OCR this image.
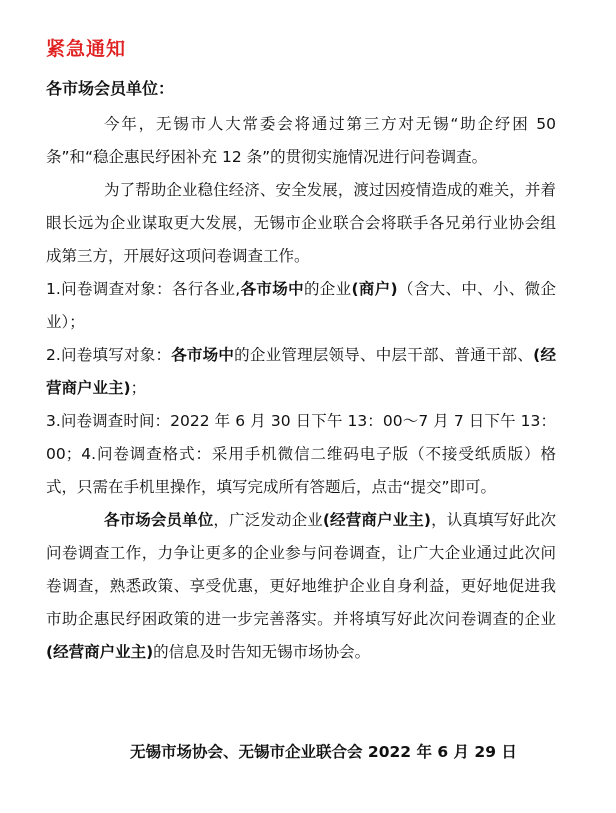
紧急通知
各市场会员单位：

今年，无锡市人大常委会将通过第三方对无锡“助企纾困 50 条”和“稳企惠民纾困补充 12 条”的贯彻实施情况进行问卷调查。

为了帮助企业稳住经济、安全发展，渡过因疫情造成的难关，并着眼长远为企业谋取更大发展，无锡市企业联合会将联手各兄弟行业协会组成第三方，开展好这项问卷调查工作。

1.问卷调查对象：各行各业,各市场中的企业(商户)（含大、中、小、微企业）；

2.问卷填写对象：各市场中的企业管理层领导、中层干部、普通干部、(经营商户业主)；

3.问卷调查时间：2022 年 6 月 30 日下午 13：00～7 月 7 日下午 13：00；4.问卷调查格式：采用手机微信二维码电子版（不接受纸质版）格式，只需在手机里操作，填写完成所有答题后，点击“提交”即可。

各市场会员单位，广泛发动企业(经营商户业主)，认真填写好此次问卷调查工作，力争让更多的企业参与问卷调查，让广大企业通过此次问卷调查，熟悉政策、享受优惠，更好地维护企业自身利益，更好地促进我市助企惠民纾困政策的进一步完善落实。并将填写好此次问卷调查的企业(经营商户业主)的信息及时告知无锡市场协会。

无锡市场协会、无锡市企业联合会 2022 年 6 月 29 日
